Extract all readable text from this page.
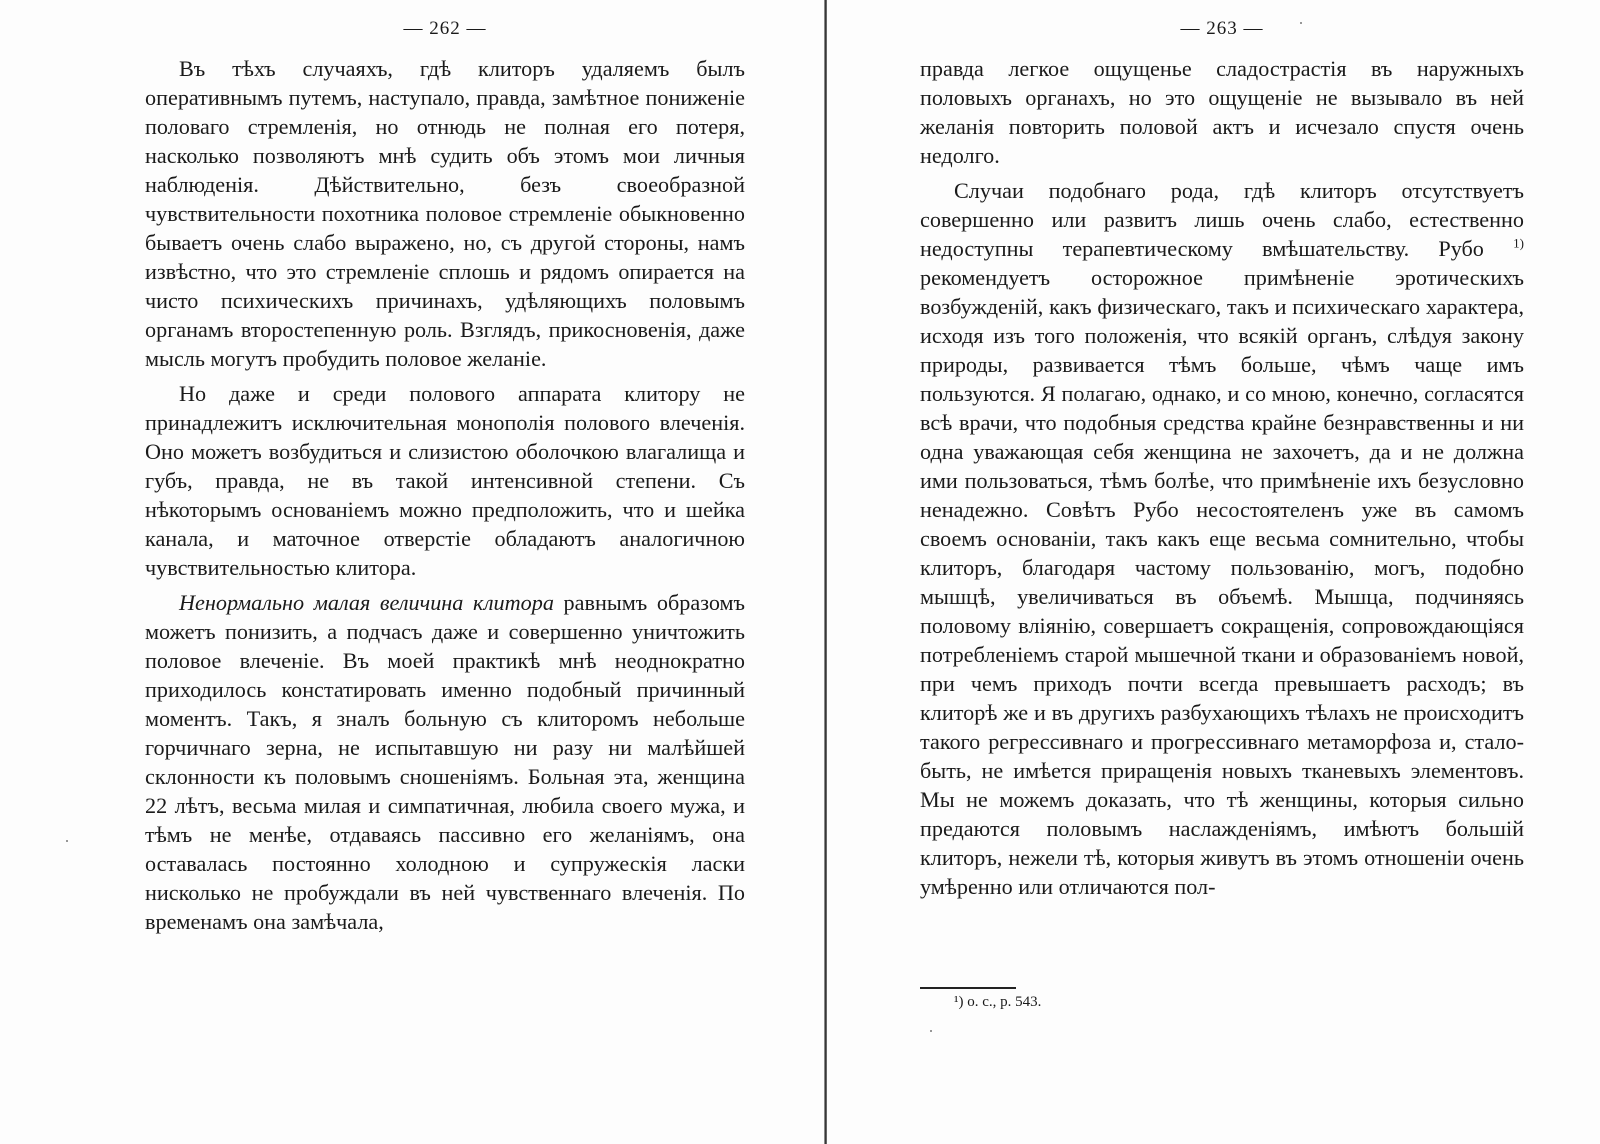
— 262 —

Въ тѣхъ случаяхъ, гдѣ клиторъ удаляемъ былъ оперативнымъ путемъ, наступало, правда, замѣтное пониженіе половаго стремленія, но отнюдь не полная его потеря, насколько позволяютъ мнѣ судить объ этомъ мои личныя наблюденія. Дѣйствительно, безъ своеобразной чувствительности похотника половое стремленіе обыкновенно бываетъ очень слабо выражено, но, съ другой стороны, намъ извѣстно, что это стремленіе сплошь и рядомъ опирается на чисто психическихъ причинахъ, удѣляющихъ половымъ органамъ второстепенную роль. Взглядъ, прикосновенія, даже мысль могутъ пробудить половое желаніе.

Но даже и среди полового аппарата клитору не принадлежитъ исключительная монополія полового влеченія. Оно можетъ возбудиться и слизистою оболочкою влагалища и губъ, правда, не въ такой интенсивной степени. Съ нѣкоторымъ основаніемъ можно предположить, что и шейка канала, и маточное отверстіе обладаютъ аналогичною чувствительностью клитора.

Ненормально малая величина клитора равнымъ образомъ можетъ понизить, а подчасъ даже и совершенно уничтожить половое влеченіе. Въ моей практикѣ мнѣ неоднократно приходилось констатировать именно подобный причинный моментъ. Такъ, я зналъ больную съ клиторомъ небольше горчичнаго зерна, не испытавшую ни разу ни малѣйшей склонности къ половымъ сношеніямъ. Больная эта, женщина 22 лѣтъ, весьма милая и симпатичная, любила своего мужа, и тѣмъ не менѣе, отдаваясь пассивно его желаніямъ, она оставалась постоянно холодною и супружескія ласки нисколько не пробуждали въ ней чувственнаго влеченія. По временамъ она замѣчала,

— 263 —

правда легкое ощущенье сладострастія въ наружныхъ половыхъ органахъ, но это ощущеніе не вызывало въ ней желанія повторить половой актъ и исчезало спустя очень недолго.

Случаи подобнаго рода, гдѣ клиторъ отсутствуетъ совершенно или развитъ лишь очень слабо, естественно недоступны терапевтическому вмѣшательству. Рубо $^{1)}$ рекомендуетъ осторожное примѣненіе эротическихъ возбужденій, какъ физическаго, такъ и психическаго характера, исходя изъ того положенія, что всякій органъ, слѣдуя закону природы, развивается тѣмъ больше, чѣмъ чаще имъ пользуются. Я полагаю, однако, и со мною, конечно, согласятся всѣ врачи, что подобныя средства крайне безнравственны и ни одна уважающая себя женщина не захочетъ, да и не должна ими пользоваться, тѣмъ болѣе, что примѣненіе ихъ безусловно ненадежно. Совѣтъ Рубо несостоятеленъ уже въ самомъ своемъ основаніи, такъ какъ еще весьма сомнительно, чтобы клиторъ, благодаря частому пользованію, могъ, подобно мышцѣ, увеличиваться въ объемѣ. Мышца, подчиняясь половому вліянію, совершаетъ сокращенія, сопровождающіяся потребленіемъ старой мышечной ткани и образованіемъ новой, при чемъ приходъ почти всегда превышаетъ расходъ; въ клиторѣ же и въ другихъ разбухающихъ тѣлахъ не происходитъ такого регрессивнаго и прогрессивнаго метаморфоза и, стало-быть, не имѣется приращенія новыхъ тканевыхъ элементовъ. Мы не можемъ доказать, что тѣ женщины, которыя сильно предаются половымъ наслажденіямъ, имѣютъ большій клиторъ, нежели тѣ, которыя живутъ въ этомъ отношеніи очень умѣренно или отличаются пол-

¹) o. c., p. 543.
